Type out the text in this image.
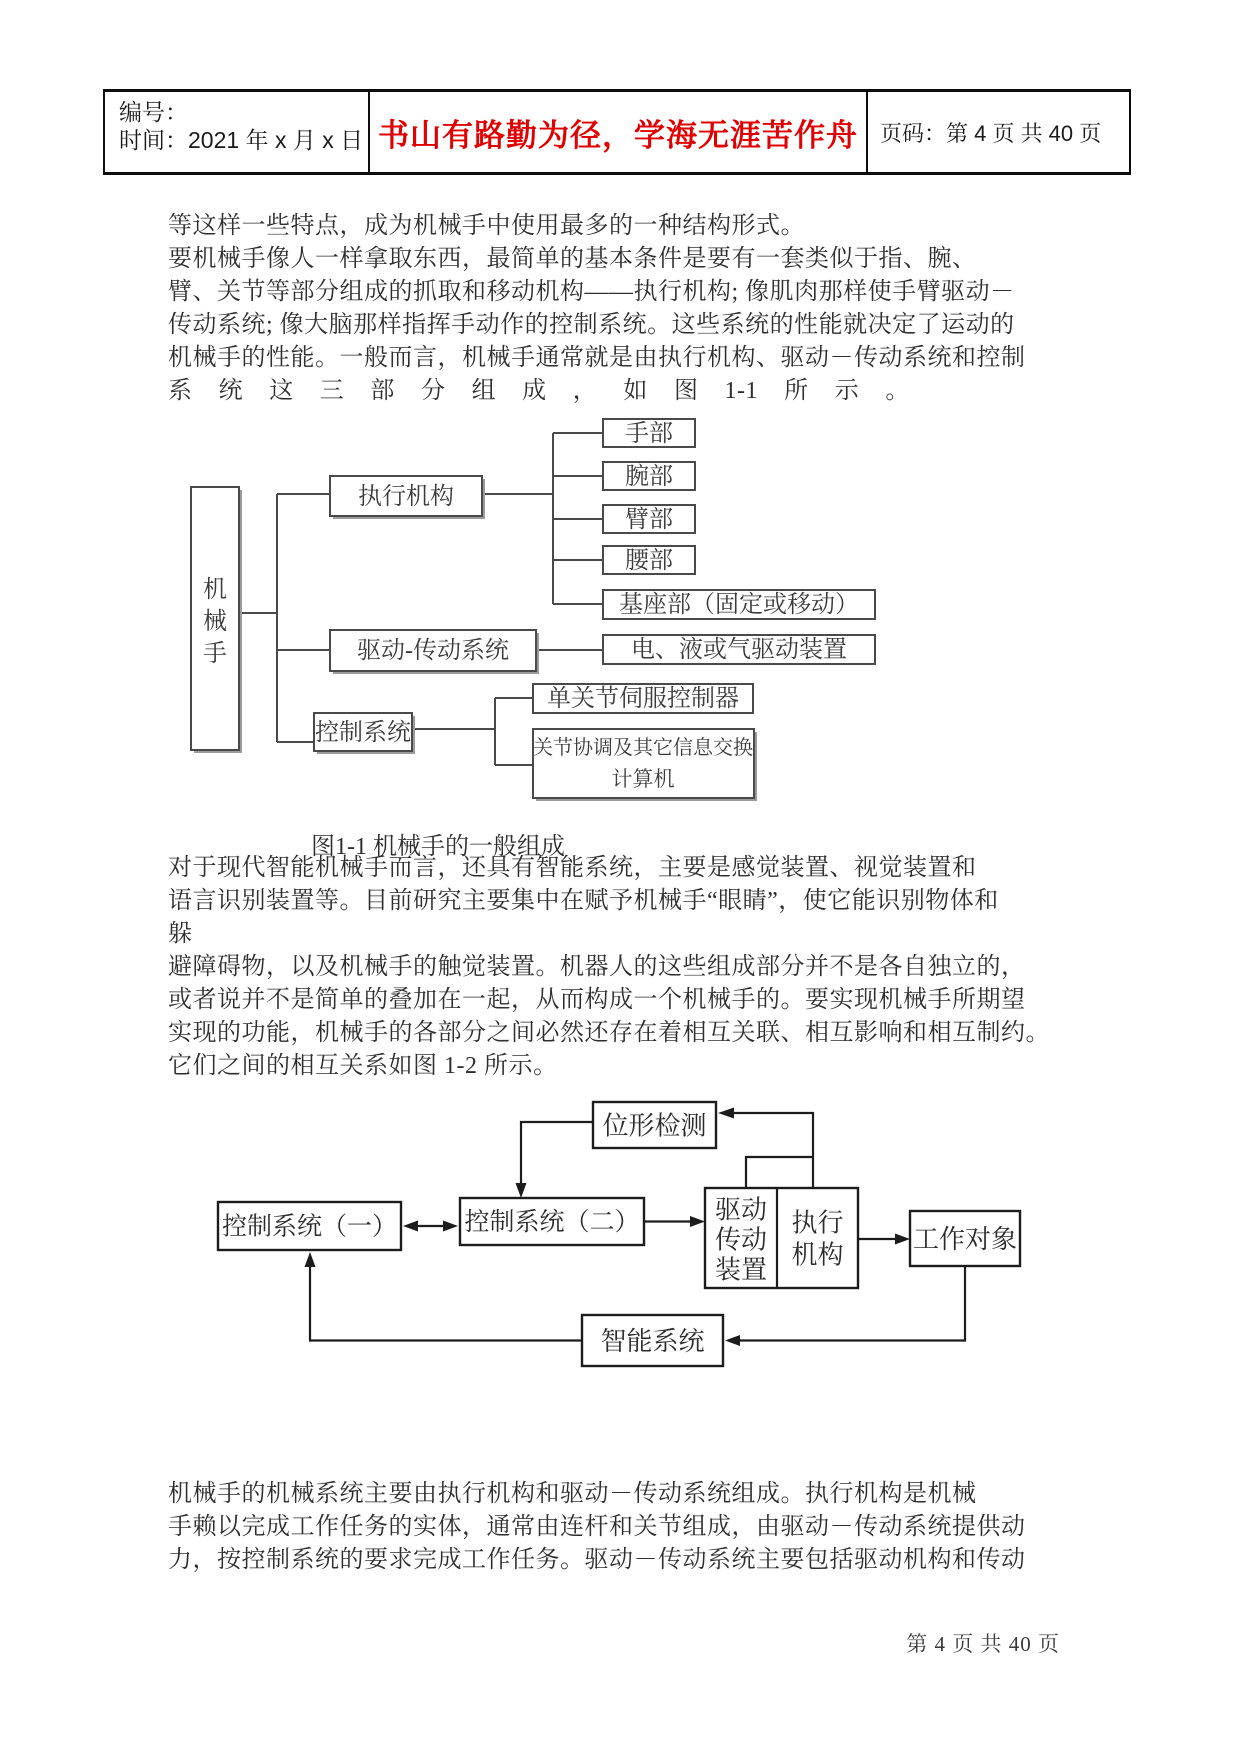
编号：
时间：2021 年 x 月 x 日 书山有路勤为径，学海无涯苦作舟 页码：第 4 页 共 40 页
等这样一些特点，成为机械手中使用最多的一种结构形式。
要机械手像人一样拿取东西，最简单的基本条件是要有一套类似于指、腕、
臂、关节等部分组成的抓取和移动机构——执行机构; 像肌肉那样使手臂驱动－
传动系统; 像大脑那样指挥手动作的控制系统。这些系统的性能就决定了运动的
机械手的性能。一般而言，机械手通常就是由执行机构、驱动－传动系统和控制
系 统 这 三 部 分 组 成 ， 如 图 1-1 所 示 。
图1-1 机械手的一般组成
对于现代智能机械手而言，还具有智能系统，主要是感觉装置、视觉装置和
语言识别装置等。目前研究主要集中在赋予机械手“眼睛”，使它能识别物体和
躲
避障碍物，以及机械手的触觉装置。机器人的这些组成部分并不是各自独立的，
或者说并不是简单的叠加在一起，从而构成一个机械手的。要实现机械手所期望
实现的功能，机械手的各部分之间必然还存在着相互关联、相互影响和相互制约。
它们之间的相互关系如图 1-2 所示。
机械手的机械系统主要由执行机构和驱动－传动系统组成。执行机构是机械
手赖以完成工作任务的实体，通常由连杆和关节组成，由驱动－传动系统提供动
力，按控制系统的要求完成工作任务。驱动－传动系统主要包括驱动机构和传动
第 4 页 共 40 页
机
械
手
执行机构
驱动-传动系统
控制系统
手部
腕部
臂部
腰部
基座部（固定或移动）
电、液或气驱动装置
单关节伺服控制器
关节协调及其它信息交换
计算机
位形检测
控制系统（一）	控制系统（二）	驱动
传动
装置
执行
机构
工作对象
智能系统
